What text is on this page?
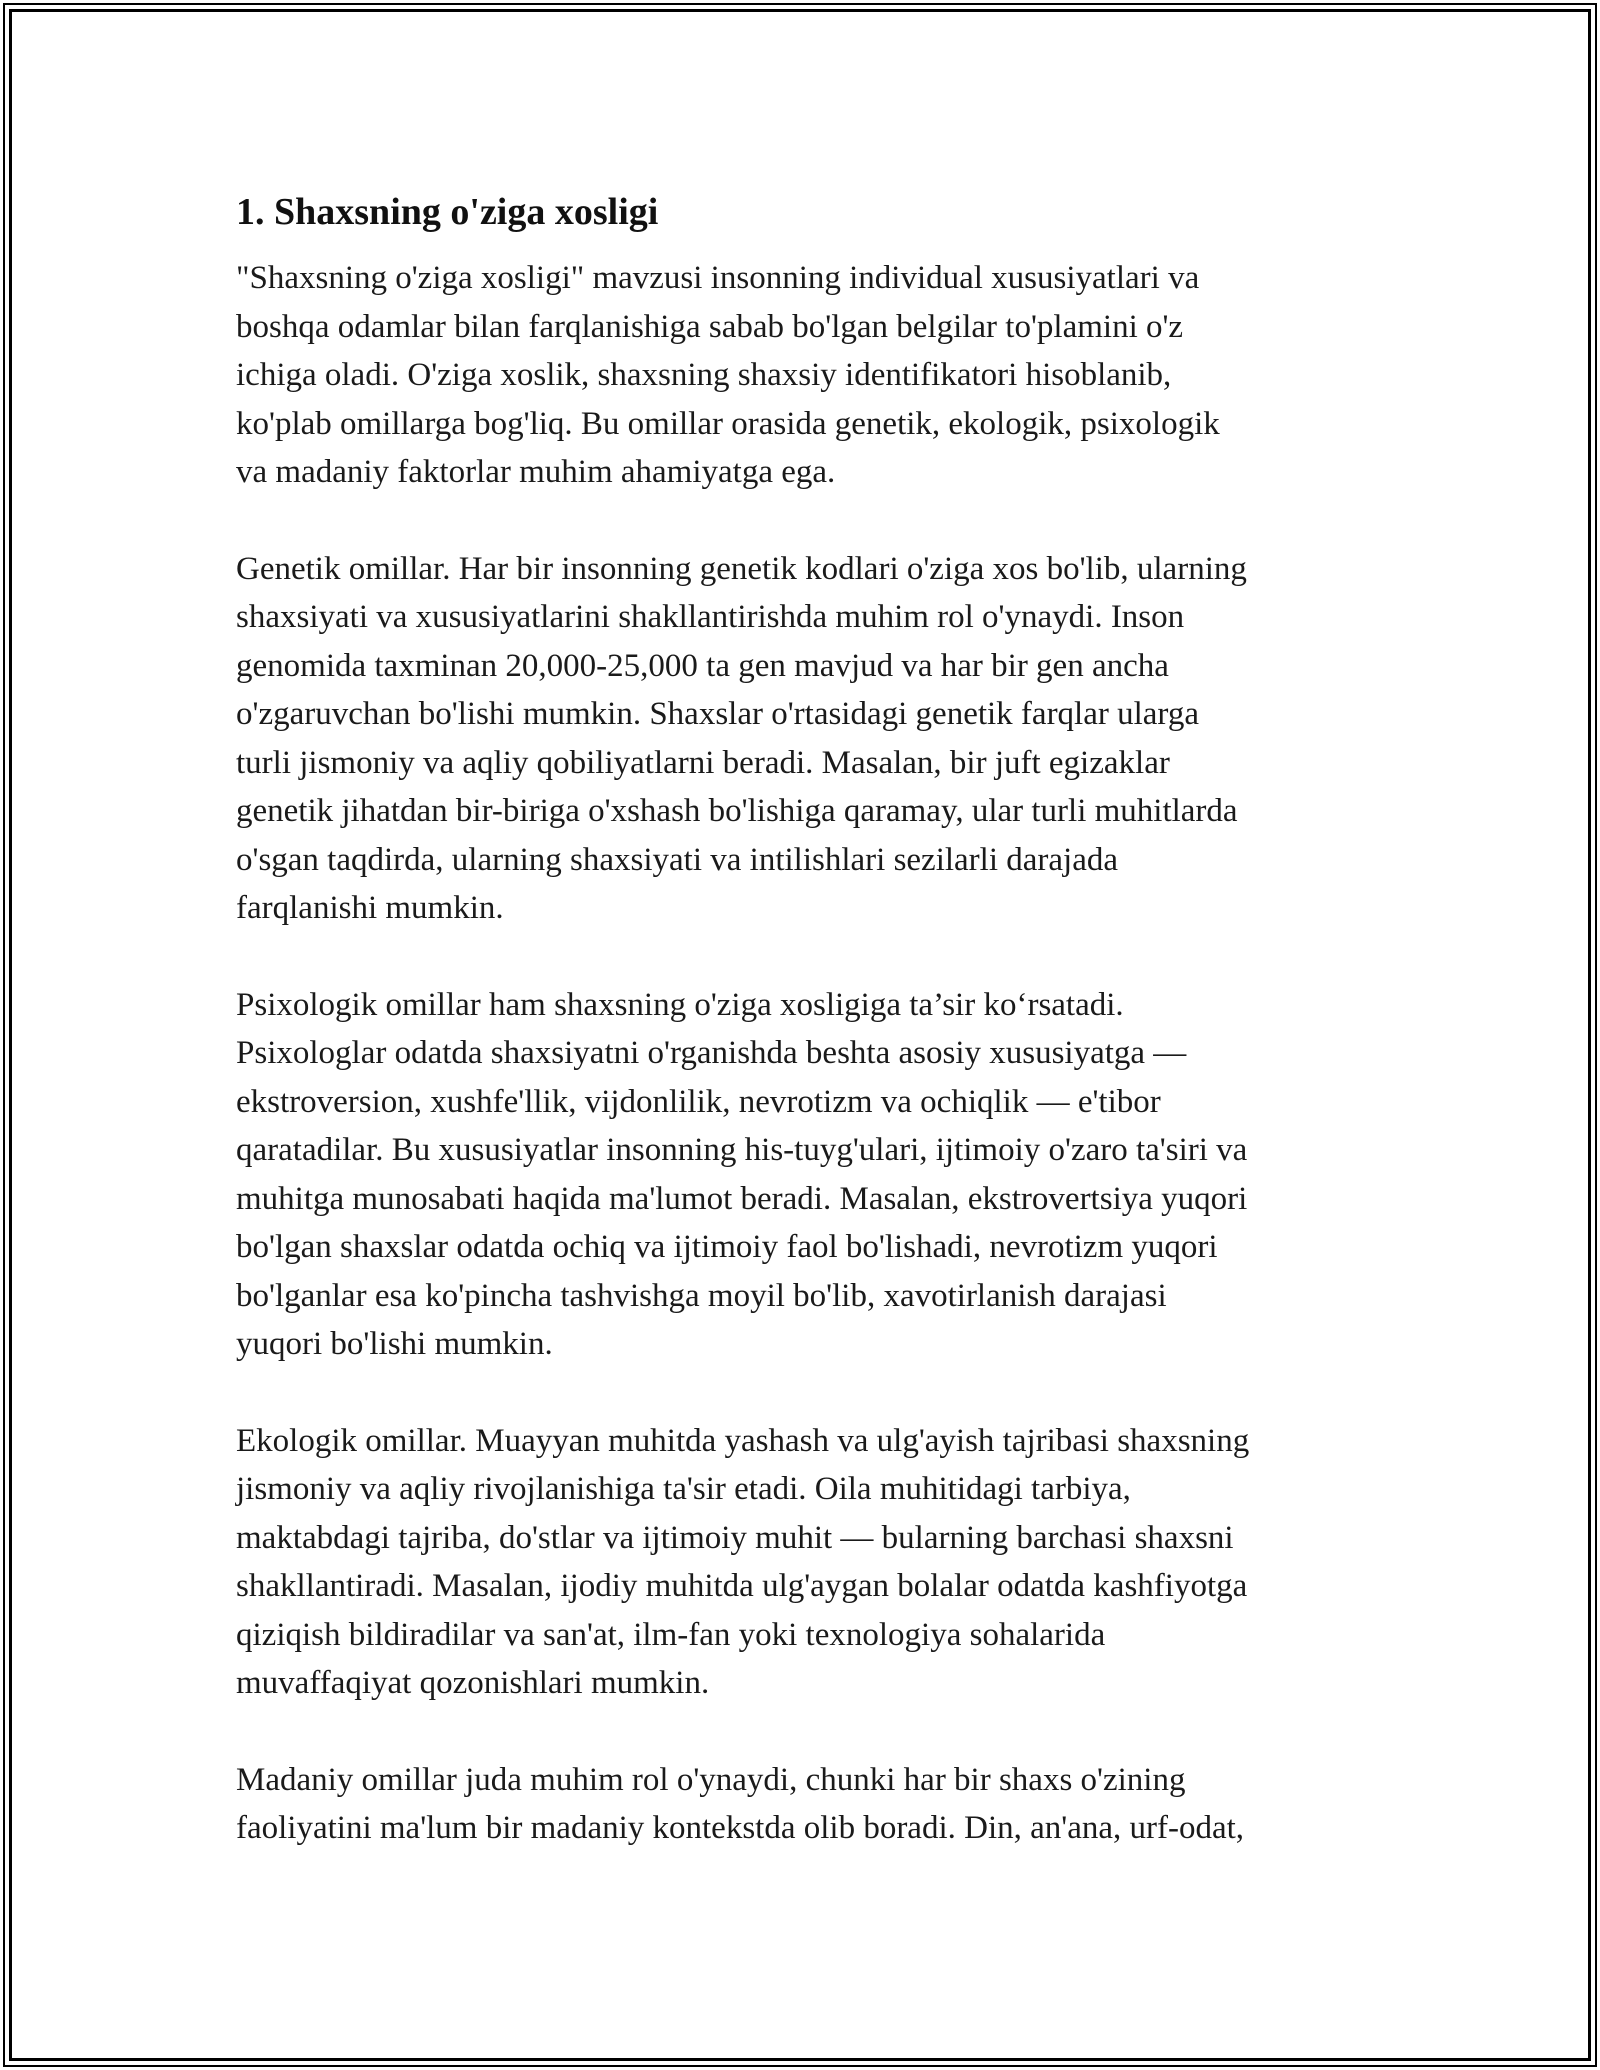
1. Shaxsning o'ziga xosligi
"Shaxsning o'ziga xosligi" mavzusi insonning individual xususiyatlari va
boshqa odamlar bilan farqlanishiga sabab bo'lgan belgilar to'plamini o'z
ichiga oladi. O'ziga xoslik, shaxsning shaxsiy identifikatori hisoblanib,
ko'plab omillarga bog'liq. Bu omillar orasida genetik, ekologik, psixologik
va madaniy faktorlar muhim ahamiyatga ega.
Genetik omillar. Har bir insonning genetik kodlari o'ziga xos bo'lib, ularning
shaxsiyati va xususiyatlarini shakllantirishda muhim rol o'ynaydi. Inson
genomida taxminan 20,000-25,000 ta gen mavjud va har bir gen ancha
o'zgaruvchan bo'lishi mumkin. Shaxslar o'rtasidagi genetik farqlar ularga
turli jismoniy va aqliy qobiliyatlarni beradi. Masalan, bir juft egizaklar
genetik jihatdan bir-biriga o'xshash bo'lishiga qaramay, ular turli muhitlarda
o'sgan taqdirda, ularning shaxsiyati va intilishlari sezilarli darajada
farqlanishi mumkin.
Psixologik omillar ham shaxsning o'ziga xosligiga ta’sir ko‘rsatadi.
Psixologlar odatda shaxsiyatni o'rganishda beshta asosiy xususiyatga —
ekstroversion, xushfe'llik, vijdonlilik, nevrotizm va ochiqlik — e'tibor
qaratadilar. Bu xususiyatlar insonning his-tuyg'ulari, ijtimoiy o'zaro ta'siri va
muhitga munosabati haqida ma'lumot beradi. Masalan, ekstrovertsiya yuqori
bo'lgan shaxslar odatda ochiq va ijtimoiy faol bo'lishadi, nevrotizm yuqori
bo'lganlar esa ko'pincha tashvishga moyil bo'lib, xavotirlanish darajasi
yuqori bo'lishi mumkin.
Ekologik omillar. Muayyan muhitda yashash va ulg'ayish tajribasi shaxsning
jismoniy va aqliy rivojlanishiga ta'sir etadi. Oila muhitidagi tarbiya,
maktabdagi tajriba, do'stlar va ijtimoiy muhit — bularning barchasi shaxsni
shakllantiradi. Masalan, ijodiy muhitda ulg'aygan bolalar odatda kashfiyotga
qiziqish bildiradilar va san'at, ilm-fan yoki texnologiya sohalarida
muvaffaqiyat qozonishlari mumkin.
Madaniy omillar juda muhim rol o'ynaydi, chunki har bir shaxs o'zining
faoliyatini ma'lum bir madaniy kontekstda olib boradi. Din, an'ana, urf-odat,
